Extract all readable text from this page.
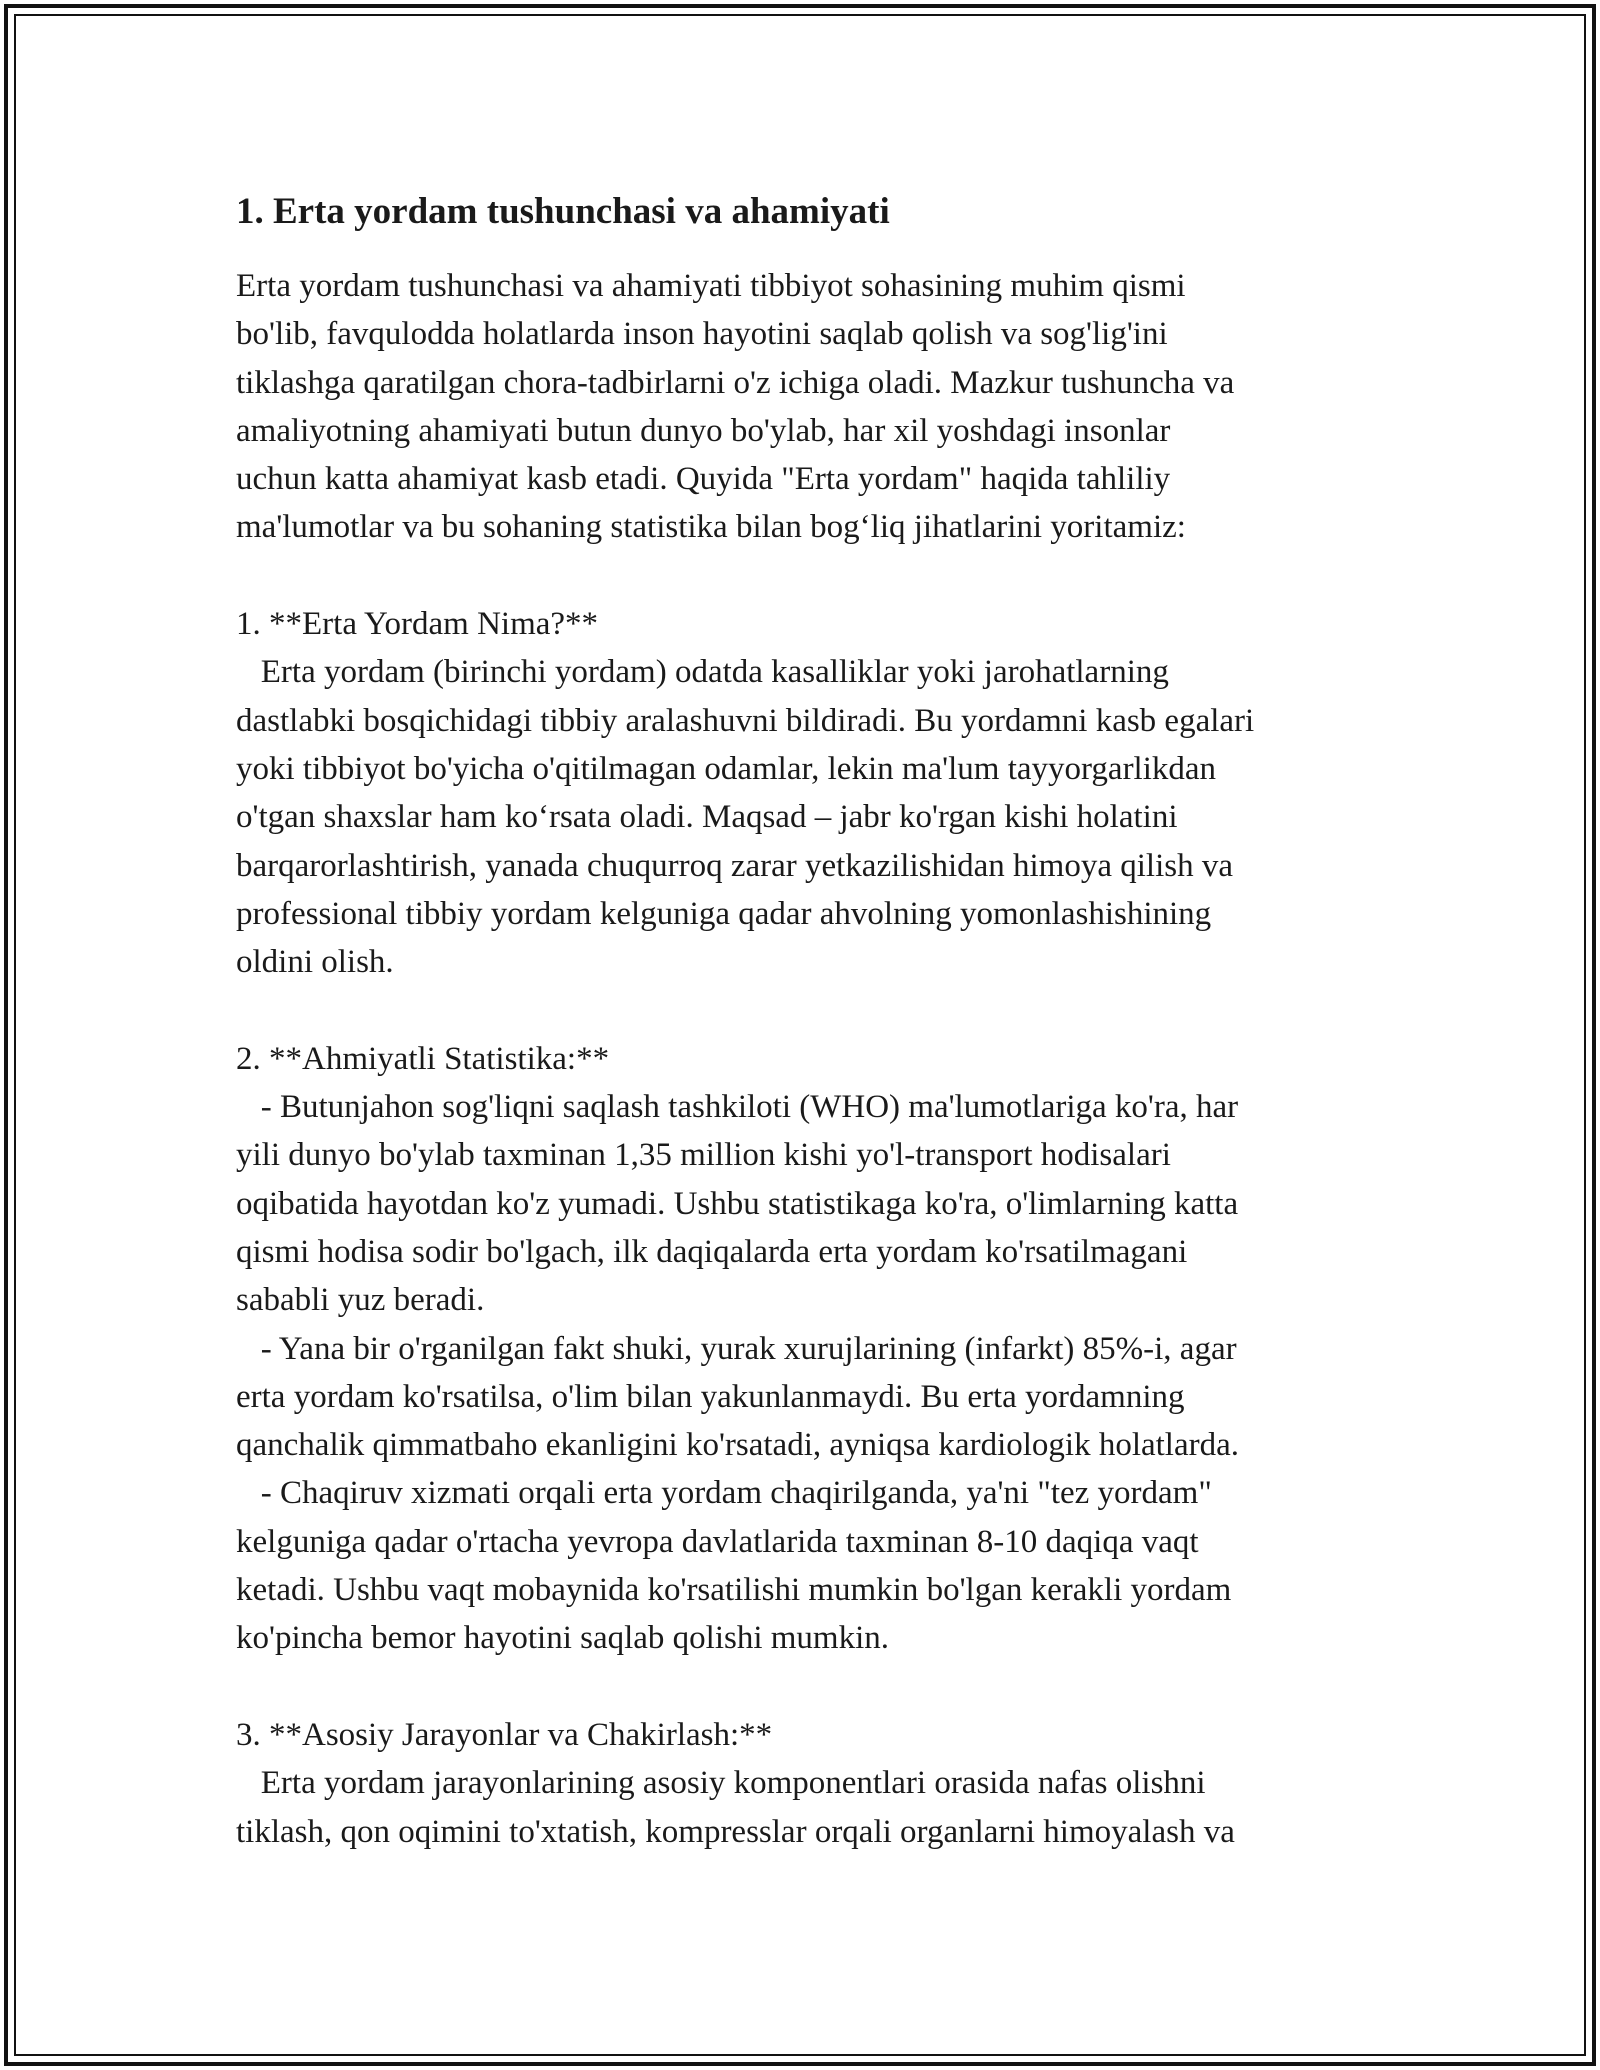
1. Erta yordam tushunchasi va ahamiyati
Erta yordam tushunchasi va ahamiyati tibbiyot sohasining muhim qismi
bo'lib, favqulodda holatlarda inson hayotini saqlab qolish va sog'lig'ini
tiklashga qaratilgan chora-tadbirlarni o'z ichiga oladi. Mazkur tushuncha va
amaliyotning ahamiyati butun dunyo bo'ylab, har xil yoshdagi insonlar
uchun katta ahamiyat kasb etadi. Quyida "Erta yordam" haqida tahliliy
ma'lumotlar va bu sohaning statistika bilan bog‘liq jihatlarini yoritamiz:
1. **Erta Yordam Nima?**
Erta yordam (birinchi yordam) odatda kasalliklar yoki jarohatlarning
dastlabki bosqichidagi tibbiy aralashuvni bildiradi. Bu yordamni kasb egalari
yoki tibbiyot bo'yicha o'qitilmagan odamlar, lekin ma'lum tayyorgarlikdan
o'tgan shaxslar ham ko‘rsata oladi. Maqsad – jabr ko'rgan kishi holatini
barqarorlashtirish, yanada chuqurroq zarar yetkazilishidan himoya qilish va
professional tibbiy yordam kelguniga qadar ahvolning yomonlashishining
oldini olish.
2. **Ahmiyatli Statistika:**
- Butunjahon sog'liqni saqlash tashkiloti (WHO) ma'lumotlariga ko'ra, har
yili dunyo bo'ylab taxminan 1,35 million kishi yo'l-transport hodisalari
oqibatida hayotdan ko'z yumadi. Ushbu statistikaga ko'ra, o'limlarning katta
qismi hodisa sodir bo'lgach, ilk daqiqalarda erta yordam ko'rsatilmagani
sababli yuz beradi.
- Yana bir o'rganilgan fakt shuki, yurak xurujlarining (infarkt) 85%-i, agar
erta yordam ko'rsatilsa, o'lim bilan yakunlanmaydi. Bu erta yordamning
qanchalik qimmatbaho ekanligini ko'rsatadi, ayniqsa kardiologik holatlarda.
- Chaqiruv xizmati orqali erta yordam chaqirilganda, ya'ni "tez yordam"
kelguniga qadar o'rtacha yevropa davlatlarida taxminan 8-10 daqiqa vaqt
ketadi. Ushbu vaqt mobaynida ko'rsatilishi mumkin bo'lgan kerakli yordam
ko'pincha bemor hayotini saqlab qolishi mumkin.
3. **Asosiy Jarayonlar va Chakirlash:**
Erta yordam jarayonlarining asosiy komponentlari orasida nafas olishni
tiklash, qon oqimini to'xtatish, kompresslar orqali organlarni himoyalash va
